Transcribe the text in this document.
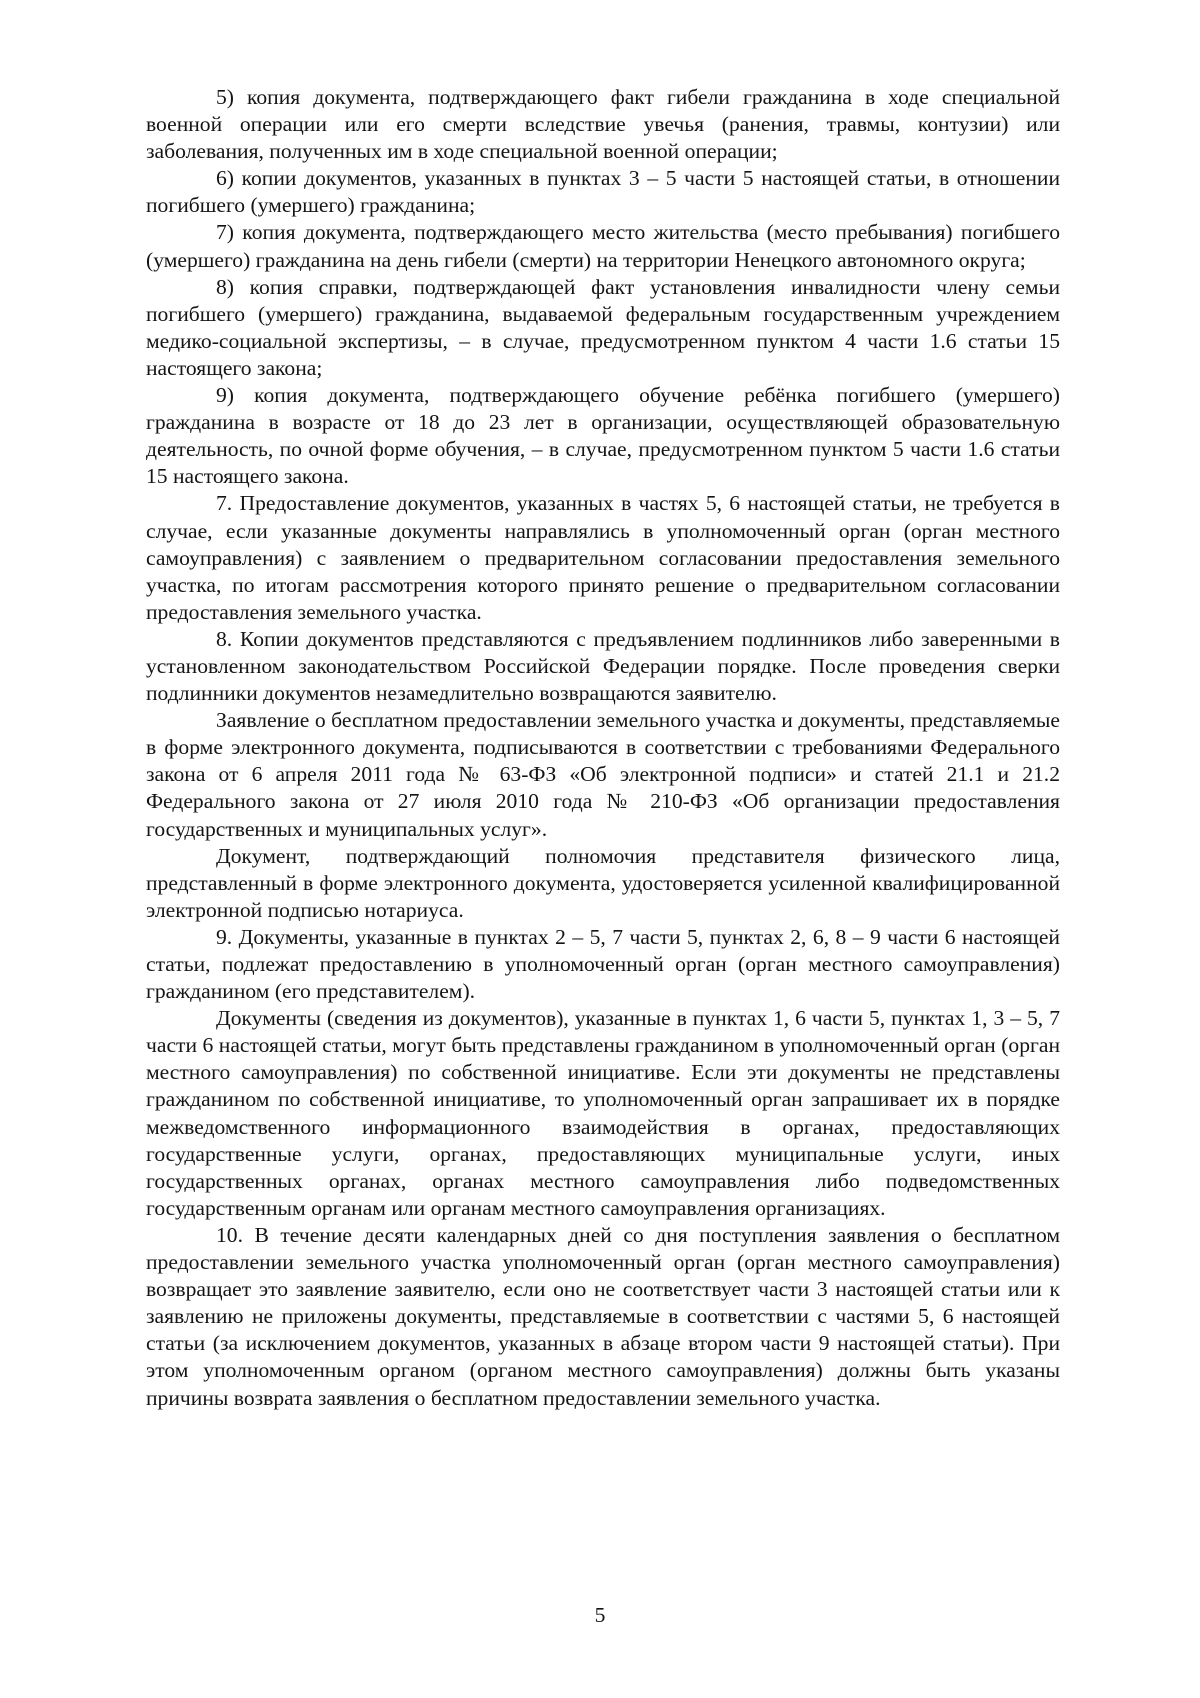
5) копия документа, подтверждающего факт гибели гражданина в ходе специальной военной операции или его смерти вследствие увечья (ранения, травмы, контузии) или заболевания, полученных им в ходе специальной военной операции;

6) копии документов, указанных в пунктах 3 – 5 части 5 настоящей статьи, в отношении погибшего (умершего) гражданина;

7) копия документа, подтверждающего место жительства (место пребывания) погибшего (умершего) гражданина на день гибели (смерти) на территории Ненецкого автономного округа;

8) копия справки, подтверждающей факт установления инвалидности члену семьи погибшего (умершего) гражданина, выдаваемой федеральным государственным учреждением медико-социальной экспертизы, – в случае, предусмотренном пунктом 4 части 1.6 статьи 15 настоящего закона;

9) копия документа, подтверждающего обучение ребёнка погибшего (умершего) гражданина в возрасте от 18 до 23 лет в организации, осуществляющей образовательную деятельность, по очной форме обучения, – в случае, предусмотренном пунктом 5 части 1.6 статьи 15 настоящего закона.

7. Предоставление документов, указанных в частях 5, 6 настоящей статьи, не требуется в случае, если указанные документы направлялись в уполномоченный орган (орган местного самоуправления) с заявлением о предварительном согласовании предоставления земельного участка, по итогам рассмотрения которого принято решение о предварительном согласовании предоставления земельного участка.

8. Копии документов представляются с предъявлением подлинников либо заверенными в установленном законодательством Российской Федерации порядке. После проведения сверки подлинники документов незамедлительно возвращаются заявителю.

Заявление о бесплатном предоставлении земельного участка и документы, представляемые в форме электронного документа, подписываются в соответствии с требованиями Федерального закона от 6 апреля 2011 года № 63-ФЗ «Об электронной подписи» и статей 21.1 и 21.2 Федерального закона от 27 июля 2010 года № 210-ФЗ «Об организации предоставления государственных и муниципальных услуг».

Документ, подтверждающий полномочия представителя физического лица, представленный в форме электронного документа, удостоверяется усиленной квалифицированной электронной подписью нотариуса.

9. Документы, указанные в пунктах 2 – 5, 7 части 5, пунктах 2, 6, 8 – 9 части 6 настоящей статьи, подлежат предоставлению в уполномоченный орган (орган местного самоуправления) гражданином (его представителем).

Документы (сведения из документов), указанные в пунктах 1, 6 части 5, пунктах 1, 3 – 5, 7 части 6 настоящей статьи, могут быть представлены гражданином в уполномоченный орган (орган местного самоуправления) по собственной инициативе. Если эти документы не представлены гражданином по собственной инициативе, то уполномоченный орган запрашивает их в порядке межведомственного информационного взаимодействия в органах, предоставляющих государственные услуги, органах, предоставляющих муниципальные услуги, иных государственных органах, органах местного самоуправления либо подведомственных государственным органам или органам местного самоуправления организациях.

10. В течение десяти календарных дней со дня поступления заявления о бесплатном предоставлении земельного участка уполномоченный орган (орган местного самоуправления) возвращает это заявление заявителю, если оно не соответствует части 3 настоящей статьи или к заявлению не приложены документы, представляемые в соответствии с частями 5, 6 настоящей статьи (за исключением документов, указанных в абзаце втором части 9 настоящей статьи). При этом уполномоченным органом (органом местного самоуправления) должны быть указаны причины возврата заявления о бесплатном предоставлении земельного участка.

5
